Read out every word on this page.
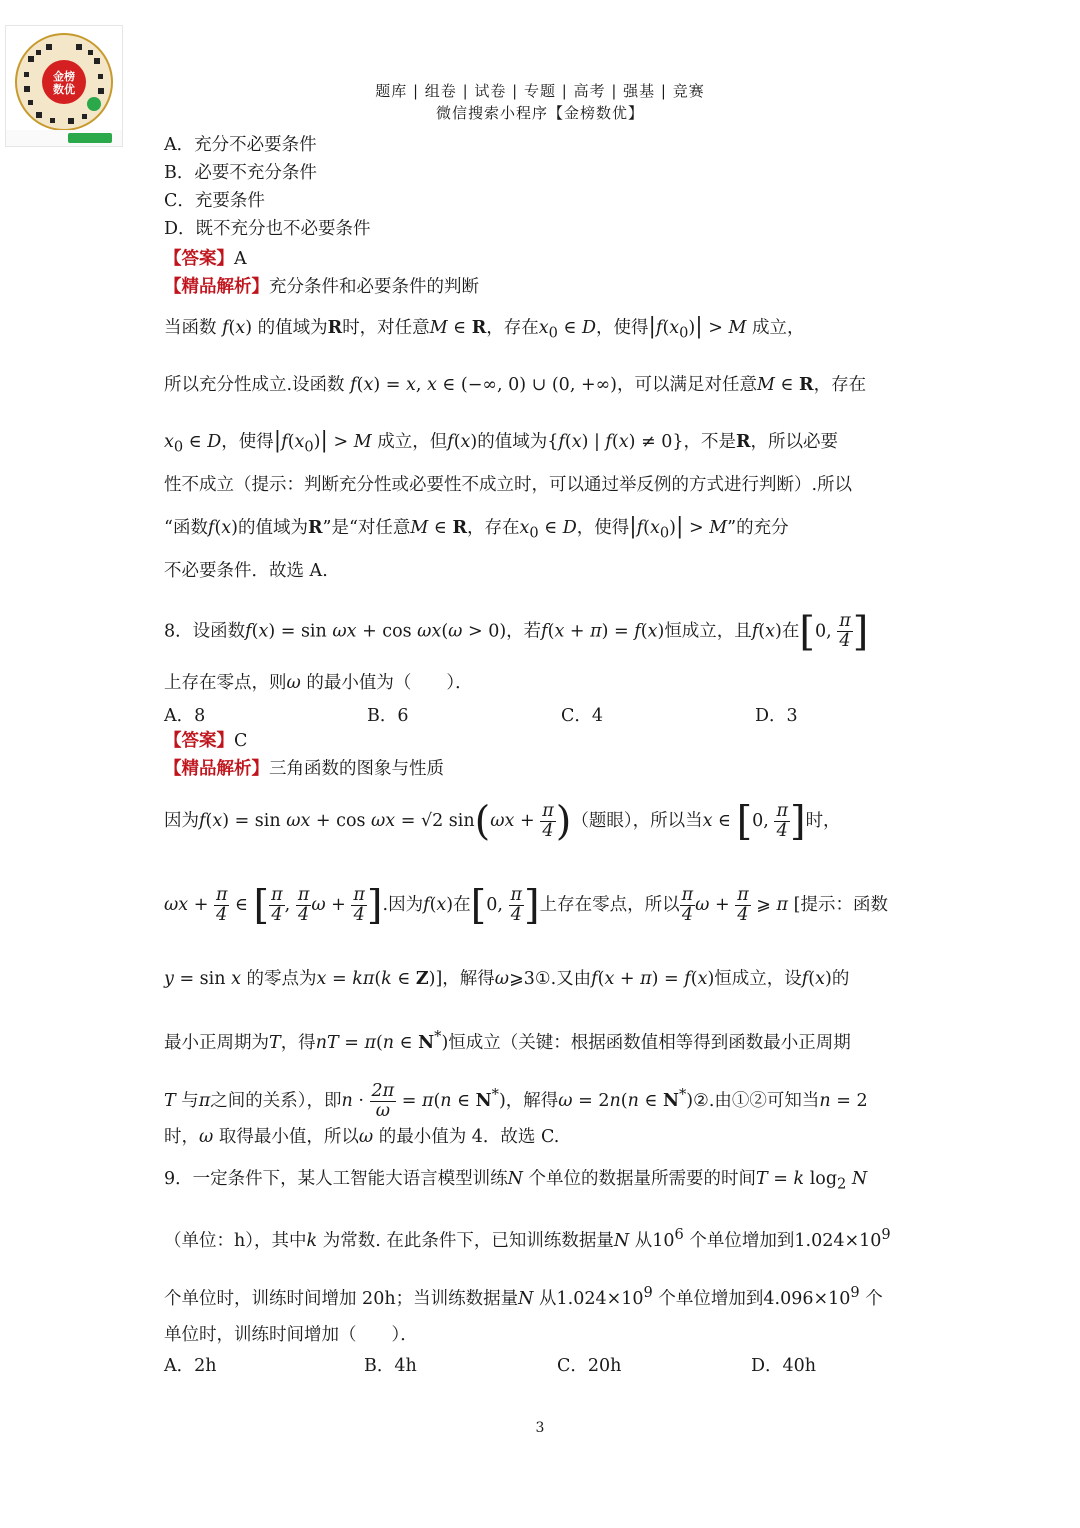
金榜
数优	题库 | 组卷 | 试卷 | 专题 | 高考 | 强基 | 竞赛
微信搜索小程序【金榜数优】
A．充分不必要条件
B．必要不充分条件
C．充要条件
D．既不充分也不必要条件
【答案】A
【精品解析】充分条件和必要条件的判断
当函数 f(x) 的值域为R时，对任意M ∈ R，存在$x_0$ ∈ D，使得$|f(x_0)| > M$ 成立，
所以充分性成立.设函数 f(x) = x, x ∈ (−∞, 0) ∪ (0, +∞)，可以满足对任意M ∈ R，存在
$x_0$ ∈ D，使得$|f(x_0)| > M$ 成立，但f(x)的值域为{f(x) | f(x) ≠ 0}，不是R，所以必要
性不成立（提示：判断充分性或必要性不成立时，可以通过举反例的方式进行判断）.所以
“函数f(x)的值域为R”是“对任意M ∈ R，存在$x_0$ ∈ D，使得$|f(x_0)| > M$”的充分
不必要条件．故选 A.
8．设函数f(x) = sin ωx + cos ωx(ω > 0)，若f(x + π) = f(x)恒成立，且f(x)在[0, $\frac{\pi}{4}$ ]
上存在零点，则ω 的最小值为（　　）．
A．8	B．6	C．4	D．3
【答案】C
【精品解析】三角函数的图象与性质
因为f(x) = sin ωx + cos ωx = √2 $\sin(\omega x + \frac{\pi}{4}$ )（题眼），所以当x ∈ [0, $\frac{\pi}{4}$ ]时，
$\omega x + \frac{\pi}{4}$ ∈ [ $\frac{\pi}{4}$ , $\frac{\pi}{4}$ $\omega + \frac{\pi}{4}$ ].因为f(x)在[0, $\frac{\pi}{4}$ ]上存在零点，所以 $\frac{\pi}{4}$ $\omega + \frac{\pi}{4}$ ⩾ π [提示：函数
y = sin x 的零点为x = kπ(k ∈ Z)]，解得ω⩾3①.又由f(x + π) = f(x)恒成立，设f(x)的
最小正周期为T，得nT = π(n ∈ N*)恒成立（关键：根据函数值相等得到函数最小正周期
T 与π之间的关系），即$n \cdot \frac{2\pi}{\omega} = \pi(n$ ∈ N*)，解得ω = 2n(n ∈ N*)②.由①②可知当n = 2
时，ω 取得最小值，所以ω 的最小值为 4．故选 C.
9．一定条件下，某人工智能大语言模型训练N 个单位的数据量所需要的时间T = k $\log_2 N$
（单位：h），其中k 为常数. 在此条件下，已知训练数据量N 从$10^6$ 个单位增加到$1.024\times 10^9$
个单位时，训练时间增加 20h；当训练数据量N 从$1.024\times 10^9$ 个单位增加到$4.096\times 10^9$ 个
单位时，训练时间增加（　　）．
A．2h	B．4h	C．20h	D．40h
3
